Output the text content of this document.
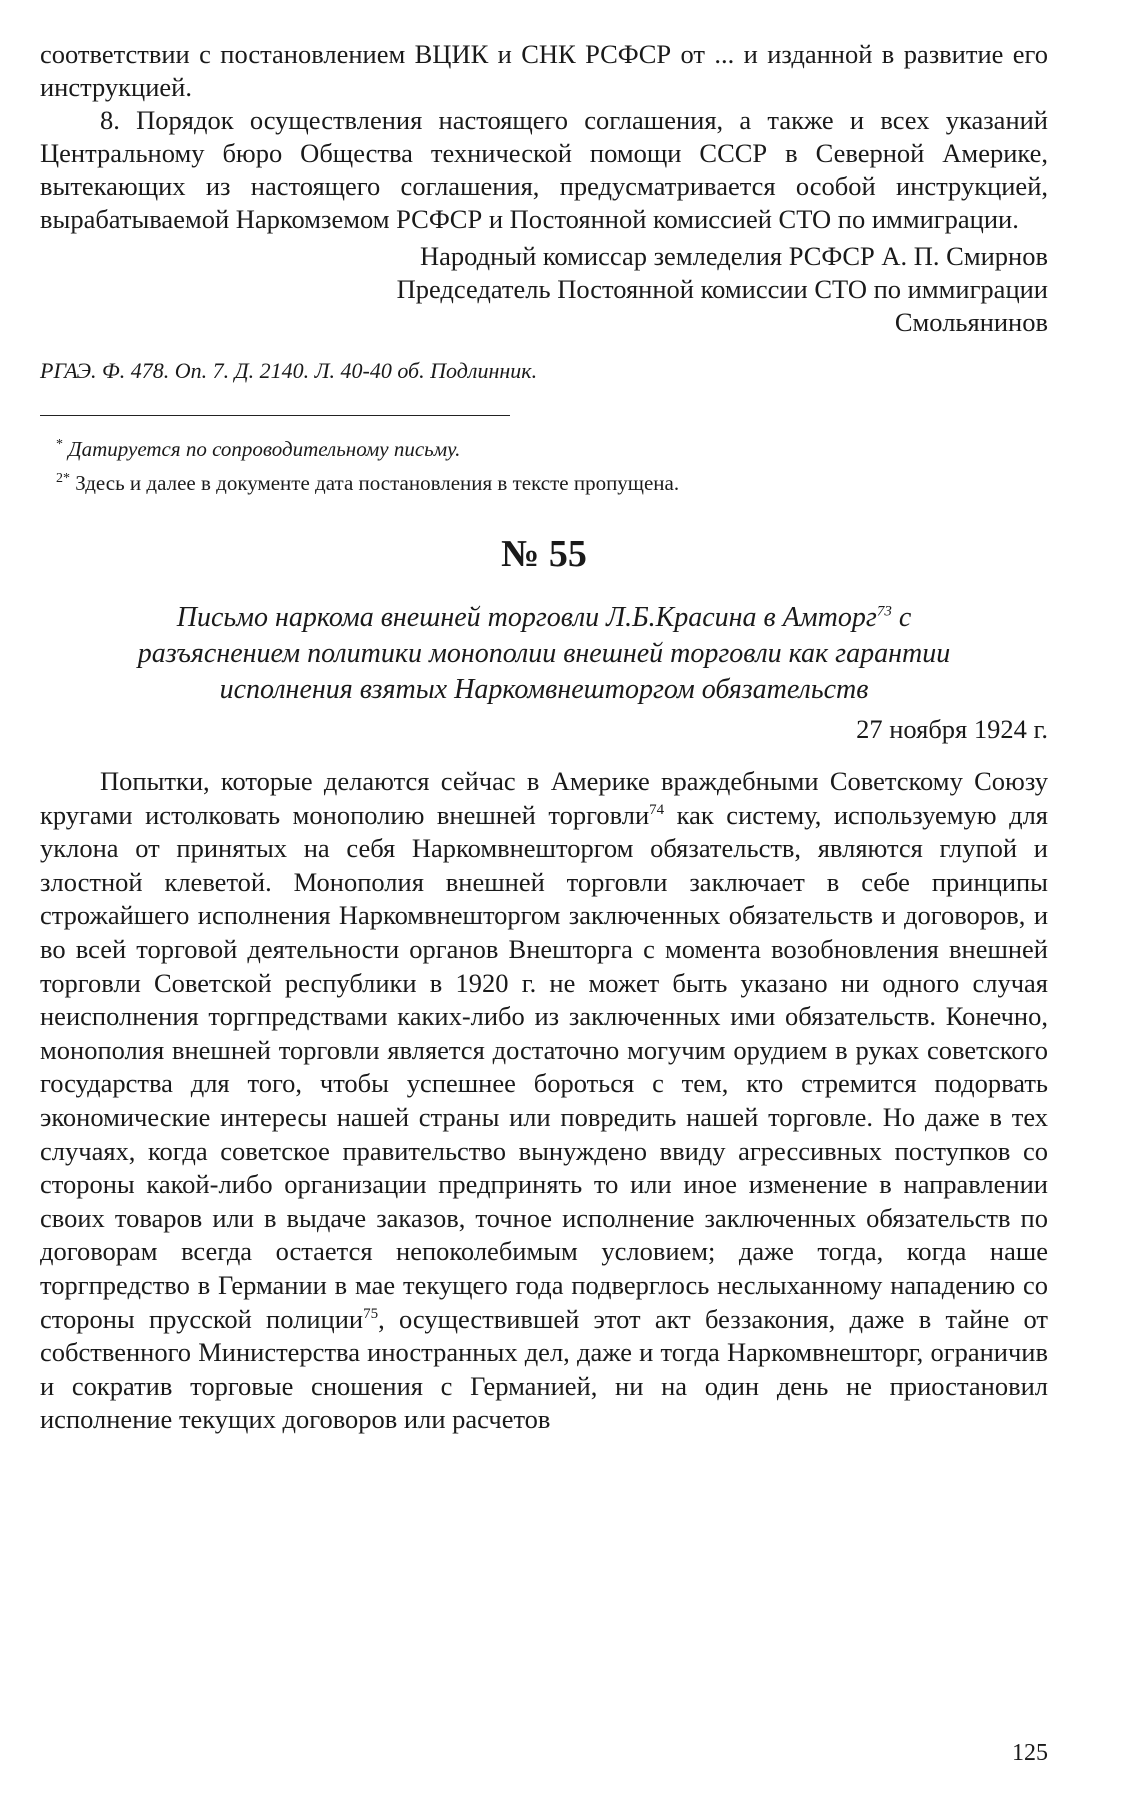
соответствии с постановлением ВЦИК и СНК РСФСР от ... и изданной в развитие его инструкцией.

8. Порядок осуществления настоящего соглашения, а также и всех указаний Центральному бюро Общества технической помощи СССР в Северной Америке, вытекающих из настоящего соглашения, предусматривается особой инструкцией, вырабатываемой Наркомземом РСФСР и Постоянной комиссией СТО по иммиграции.

Народный комиссар земледелия РСФСР А. П. Смирнов

Председатель Постоянной комиссии СТО по иммиграции

Смольянинов

РГАЭ. Ф. 478. Оп. 7. Д. 2140. Л. 40-40 об. Подлинник.

* Датируется по сопроводительному письму.

$^{2*}$ Здесь и далее в документе дата постановления в тексте пропущена.

№ 55

Письмо наркома внешней торговли Л.Б.Красина в Амторг$^{73}$ с разъяснением политики монополии внешней торговли как гарантии исполнения взятых Наркомвнешторгом обязательств

27 ноября 1924 г.

Попытки, которые делаются сейчас в Америке враждебными Советскому Союзу кругами истолковать монополию внешней торговли$^{74}$ как систему, используемую для уклона от принятых на себя Наркомвнешторгом обязательств, являются глупой и злостной клеветой. Монополия внешней торговли заключает в себе принципы строжайшего исполнения Наркомвнешторгом заключенных обязательств и договоров, и во всей торговой деятельности органов Внешторга с момента возобновления внешней торговли Советской республики в 1920 г. не может быть указано ни одного случая неисполнения торгпредствами каких-либо из заключенных ими обязательств. Конечно, монополия внешней торговли является достаточно могучим орудием в руках советского государства для того, чтобы успешнее бороться с тем, кто стремится подорвать экономические интересы нашей страны или повредить нашей торговле. Но даже в тех случаях, когда советское правительство вынуждено ввиду агрессивных поступков со стороны какой-либо организации предпринять то или иное изменение в направлении своих товаров или в выдаче заказов, точное исполнение заключенных обязательств по договорам всегда остается непоколебимым условием; даже тогда, когда наше торгпредство в Германии в мае текущего года подверглось неслыханному нападению со стороны прусской полиции$^{75}$, осуществившей этот акт беззакония, даже в тайне от собственного Министерства иностранных дел, даже и тогда Наркомвнешторг, ограничив и сократив торговые сношения с Германией, ни на один день не приостановил исполнение текущих договоров или расчетов

125
